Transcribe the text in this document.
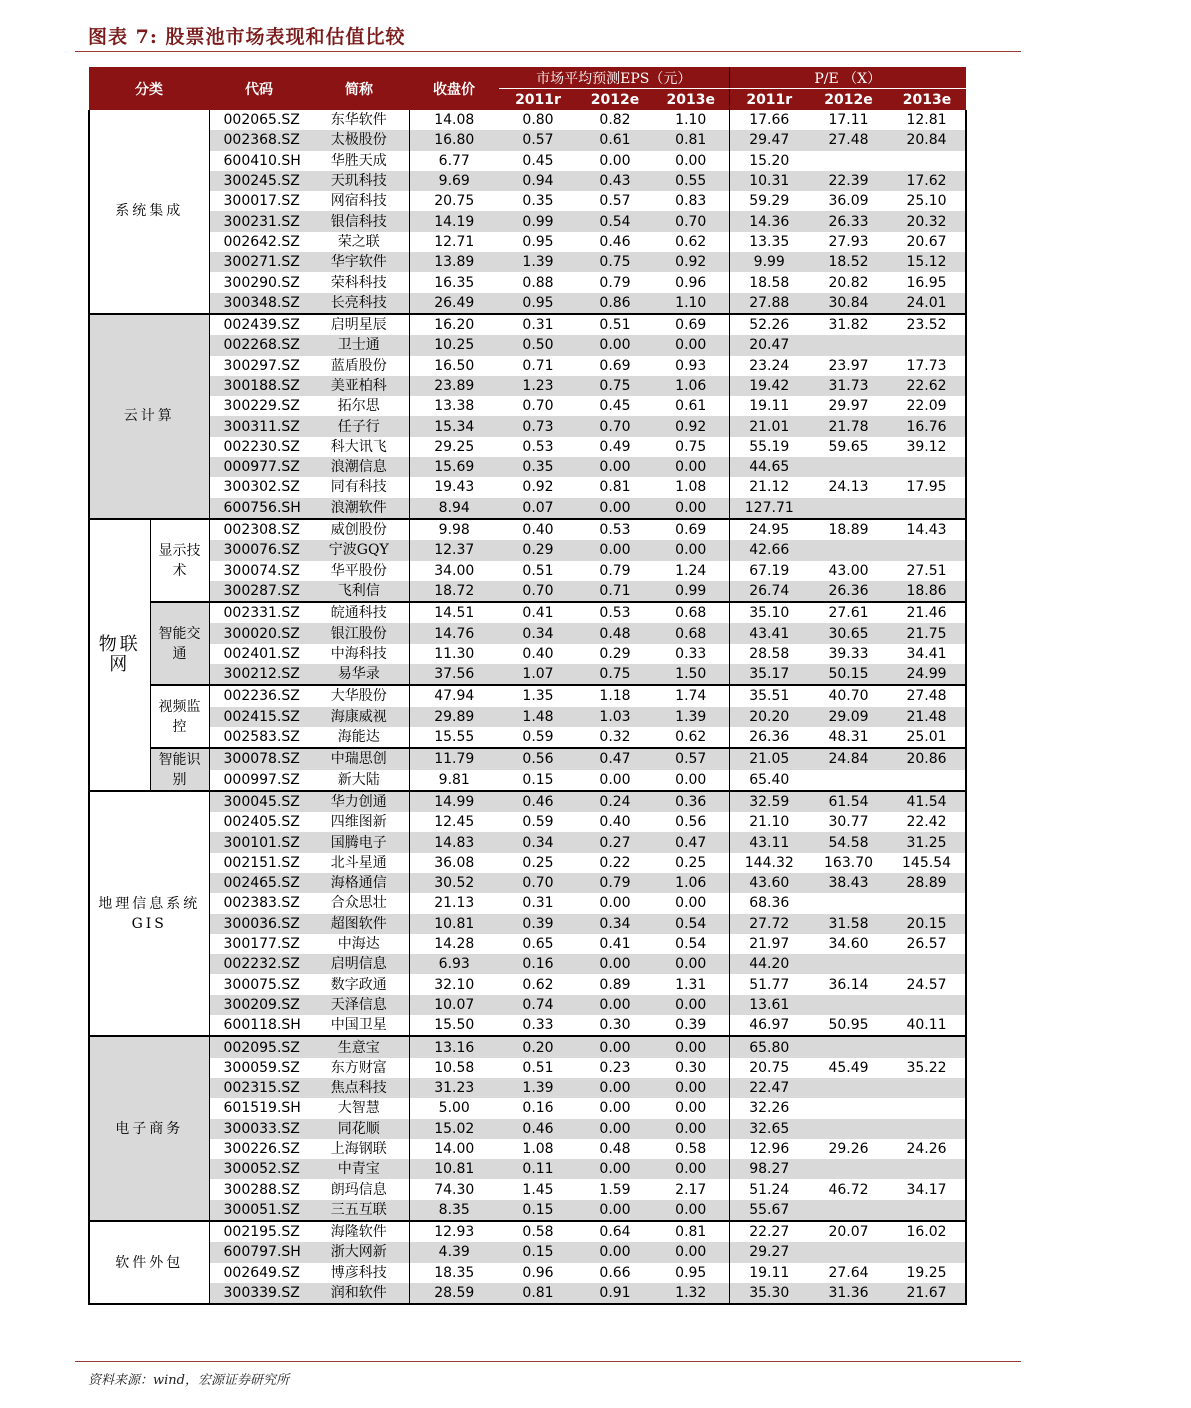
图表 7: 股票池市场表现和估值比较
分类		代码	简称	收盘价	市场平均预测EPS（元）			P/E （X）		
					2011r	2012e	2013e	2011r	2012e	2013e
系统集成		002065.SZ	东华软件	14.08	0.80	0.82	1.10	17.66	17.11	12.81
		002368.SZ	太极股份	16.80	0.57	0.61	0.81	29.47	27.48	20.84
		600410.SH	华胜天成	6.77	0.45	0.00	0.00	15.20		
		300245.SZ	天玑科技	9.69	0.94	0.43	0.55	10.31	22.39	17.62
		300017.SZ	网宿科技	20.75	0.35	0.57	0.83	59.29	36.09	25.10
		300231.SZ	银信科技	14.19	0.99	0.54	0.70	14.36	26.33	20.32
		002642.SZ	荣之联	12.71	0.95	0.46	0.62	13.35	27.93	20.67
		300271.SZ	华宇软件	13.89	1.39	0.75	0.92	9.99	18.52	15.12
		300290.SZ	荣科科技	16.35	0.88	0.79	0.96	18.58	20.82	16.95
		300348.SZ	长亮科技	26.49	0.95	0.86	1.10	27.88	30.84	24.01
云计算		002439.SZ	启明星辰	16.20	0.31	0.51	0.69	52.26	31.82	23.52
		002268.SZ	卫士通	10.25	0.50	0.00	0.00	20.47		
		300297.SZ	蓝盾股份	16.50	0.71	0.69	0.93	23.24	23.97	17.73
		300188.SZ	美亚柏科	23.89	1.23	0.75	1.06	19.42	31.73	22.62
		300229.SZ	拓尔思	13.38	0.70	0.45	0.61	19.11	29.97	22.09
		300311.SZ	任子行	15.34	0.73	0.70	0.92	21.01	21.78	16.76
		002230.SZ	科大讯飞	29.25	0.53	0.49	0.75	55.19	59.65	39.12
		000977.SZ	浪潮信息	15.69	0.35	0.00	0.00	44.65		
		300302.SZ	同有科技	19.43	0.92	0.81	1.08	21.12	24.13	17.95
		600756.SH	浪潮软件	8.94	0.07	0.00	0.00	127.71		
物联网	显示技术	002308.SZ	威创股份	9.98	0.40	0.53	0.69	24.95	18.89	14.43
		300076.SZ	宁波GQY	12.37	0.29	0.00	0.00	42.66		
		300074.SZ	华平股份	34.00	0.51	0.79	1.24	67.19	43.00	27.51
		300287.SZ	飞利信	18.72	0.70	0.71	0.99	26.74	26.36	18.86
	智能交通	002331.SZ	皖通科技	14.51	0.41	0.53	0.68	35.10	27.61	21.46
		300020.SZ	银江股份	14.76	0.34	0.48	0.68	43.41	30.65	21.75
		002401.SZ	中海科技	11.30	0.40	0.29	0.33	28.58	39.33	34.41
		300212.SZ	易华录	37.56	1.07	0.75	1.50	35.17	50.15	24.99
	视频监控	002236.SZ	大华股份	47.94	1.35	1.18	1.74	35.51	40.70	27.48
		002415.SZ	海康威视	29.89	1.48	1.03	1.39	20.20	29.09	21.48
		002583.SZ	海能达	15.55	0.59	0.32	0.62	26.36	48.31	25.01
	智能识别	300078.SZ	中瑞思创	11.79	0.56	0.47	0.57	21.05	24.84	20.86
		000997.SZ	新大陆	9.81	0.15	0.00	0.00	65.40		
地理信息系统GIS		300045.SZ	华力创通	14.99	0.46	0.24	0.36	32.59	61.54	41.54
		002405.SZ	四维图新	12.45	0.59	0.40	0.56	21.10	30.77	22.42
		300101.SZ	国腾电子	14.83	0.34	0.27	0.47	43.11	54.58	31.25
		002151.SZ	北斗星通	36.08	0.25	0.22	0.25	144.32	163.70	145.54
		002465.SZ	海格通信	30.52	0.70	0.79	1.06	43.60	38.43	28.89
		002383.SZ	合众思壮	21.13	0.31	0.00	0.00	68.36		
		300036.SZ	超图软件	10.81	0.39	0.34	0.54	27.72	31.58	20.15
		300177.SZ	中海达	14.28	0.65	0.41	0.54	21.97	34.60	26.57
		002232.SZ	启明信息	6.93	0.16	0.00	0.00	44.20		
		300075.SZ	数字政通	32.10	0.62	0.89	1.31	51.77	36.14	24.57
		300209.SZ	天泽信息	10.07	0.74	0.00	0.00	13.61		
		600118.SH	中国卫星	15.50	0.33	0.30	0.39	46.97	50.95	40.11
电子商务		002095.SZ	生意宝	13.16	0.20	0.00	0.00	65.80		
		300059.SZ	东方财富	10.58	0.51	0.23	0.30	20.75	45.49	35.22
		002315.SZ	焦点科技	31.23	1.39	0.00	0.00	22.47		
		601519.SH	大智慧	5.00	0.16	0.00	0.00	32.26		
		300033.SZ	同花顺	15.02	0.46	0.00	0.00	32.65		
		300226.SZ	上海钢联	14.00	1.08	0.48	0.58	12.96	29.26	24.26
		300052.SZ	中青宝	10.81	0.11	0.00	0.00	98.27		
		300288.SZ	朗玛信息	74.30	1.45	1.59	2.17	51.24	46.72	34.17
		300051.SZ	三五互联	8.35	0.15	0.00	0.00	55.67		
软件外包		002195.SZ	海隆软件	12.93	0.58	0.64	0.81	22.27	20.07	16.02
		600797.SH	浙大网新	4.39	0.15	0.00	0.00	29.27		
		002649.SZ	博彦科技	18.35	0.96	0.66	0.95	19.11	27.64	19.25
		300339.SZ	润和软件	28.59	0.81	0.91	1.32	35.30	31.36	21.67
资料来源：wind，宏源证券研究所
